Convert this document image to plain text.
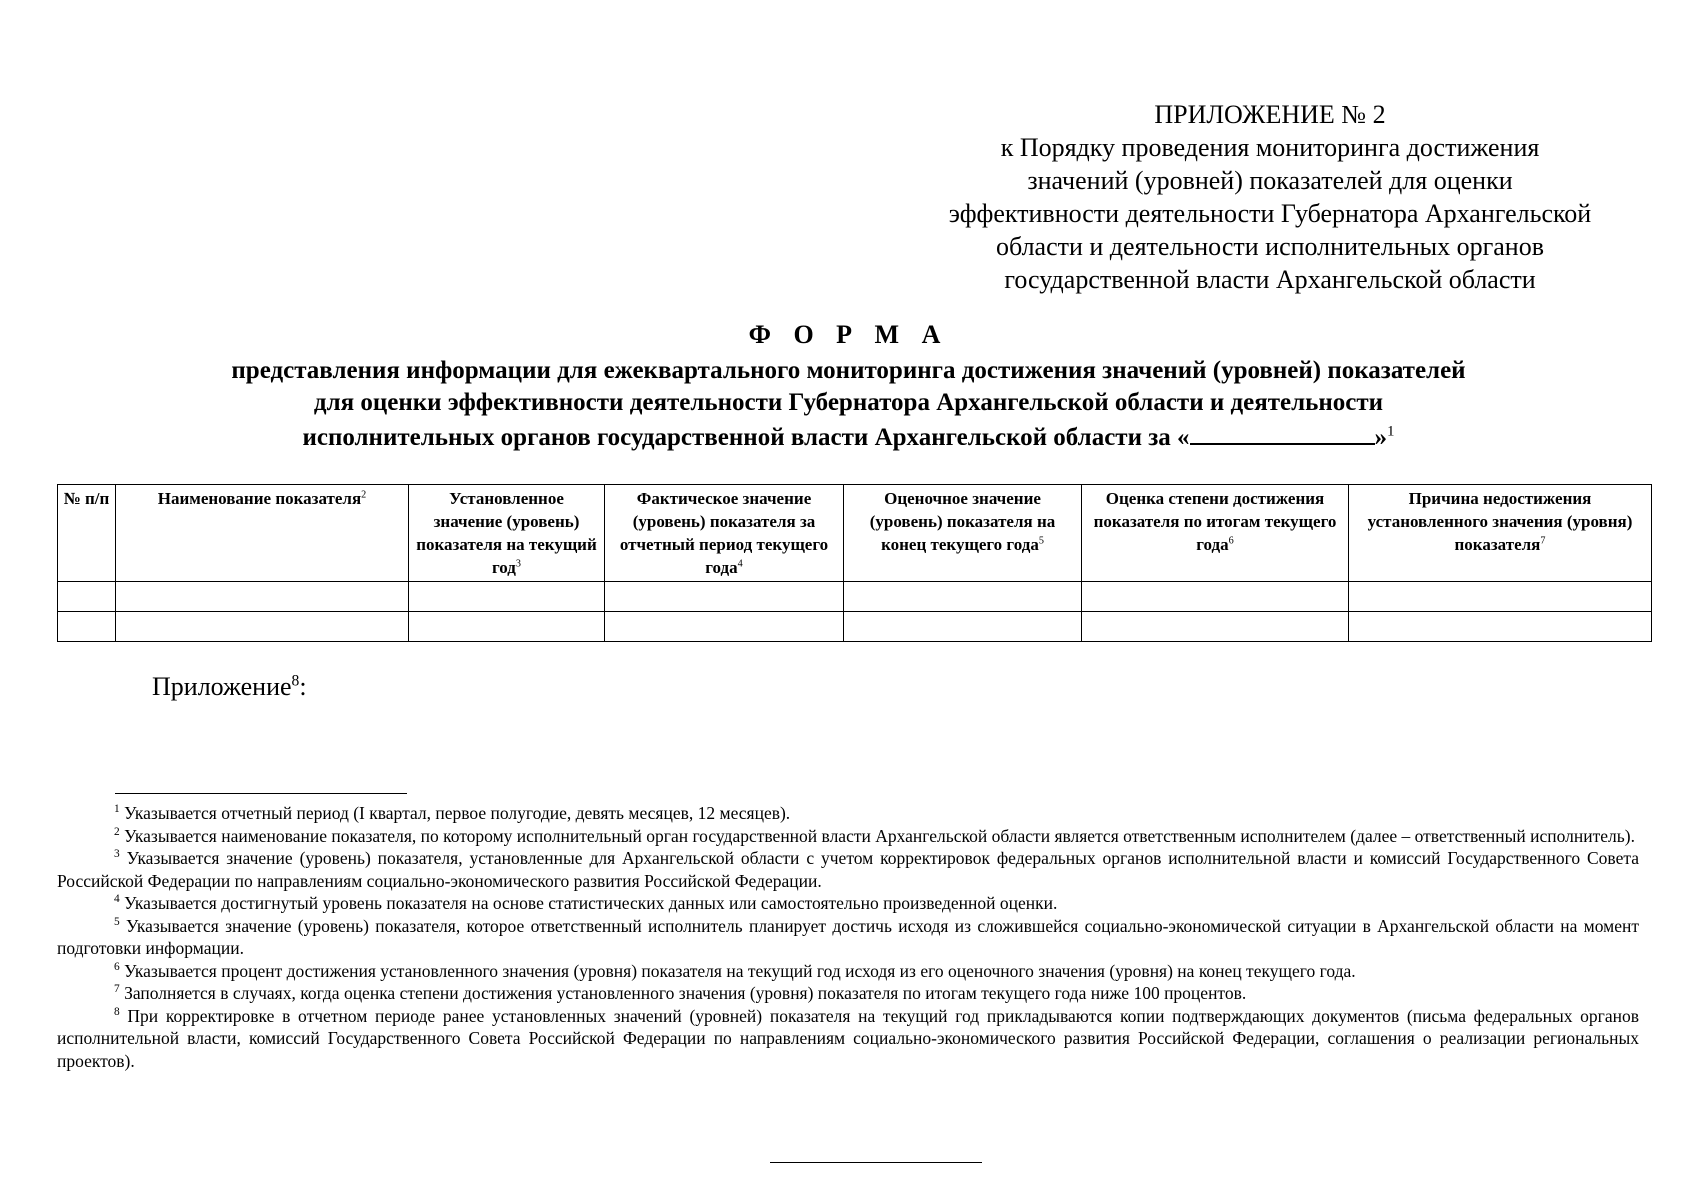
ПРИЛОЖЕНИЕ № 2
к Порядку проведения мониторинга достижения
значений (уровней) показателей для оценки
эффективности деятельности Губернатора Архангельской
области и деятельности исполнительных органов
государственной власти Архангельской области
Ф О Р М А
представления информации для ежеквартального мониторинга достижения значений (уровней) показателей
для оценки эффективности деятельности Губернатора Архангельской области и деятельности
исполнительных органов государственной власти Архангельской области за «	»$^1$
№ п/п	Наименование показателя$^2$	Установленное значение (уровень) показателя на текущий год$^3$	Фактическое значение (уровень) показателя за отчетный период текущего года$^4$	Оценочное значение (уровень) показателя на конец текущего года$^5$	Оценка степени достижения показателя по итогам текущего года$^6$	Причина недостижения установленного значения (уровня) показателя$^7$

Приложение$^8$:

$^1$ Указывается отчетный период (I квартал, первое полугодие, девять месяцев, 12 месяцев).

$^2$ Указывается наименование показателя, по которому исполнительный орган государственной власти Архангельской области является ответственным исполнителем (далее – ответственный исполнитель).

$^3$ Указывается значение (уровень) показателя, установленные для Архангельской области с учетом корректировок федеральных органов исполнительной власти и комиссий Государственного Совета Российской Федерации по направлениям социально-экономического развития Российской Федерации.

$^4$ Указывается достигнутый уровень показателя на основе статистических данных или самостоятельно произведенной оценки.

$^5$ Указывается значение (уровень) показателя, которое ответственный исполнитель планирует достичь исходя из сложившейся социально-экономической ситуации в Архангельской области на момент подготовки информации.

$^6$ Указывается процент достижения установленного значения (уровня) показателя на текущий год исходя из его оценочного значения (уровня) на конец текущего года.

$^7$ Заполняется в случаях, когда оценка степени достижения установленного значения (уровня) показателя по итогам текущего года ниже 100 процентов.

$^8$ При корректировке в отчетном периоде ранее установленных значений (уровней) показателя на текущий год прикладываются копии подтверждающих документов (письма федеральных органов исполнительной власти, комиссий Государственного Совета Российской Федерации по направлениям социально-экономического развития Российской Федерации, соглашения о реализации региональных проектов).
